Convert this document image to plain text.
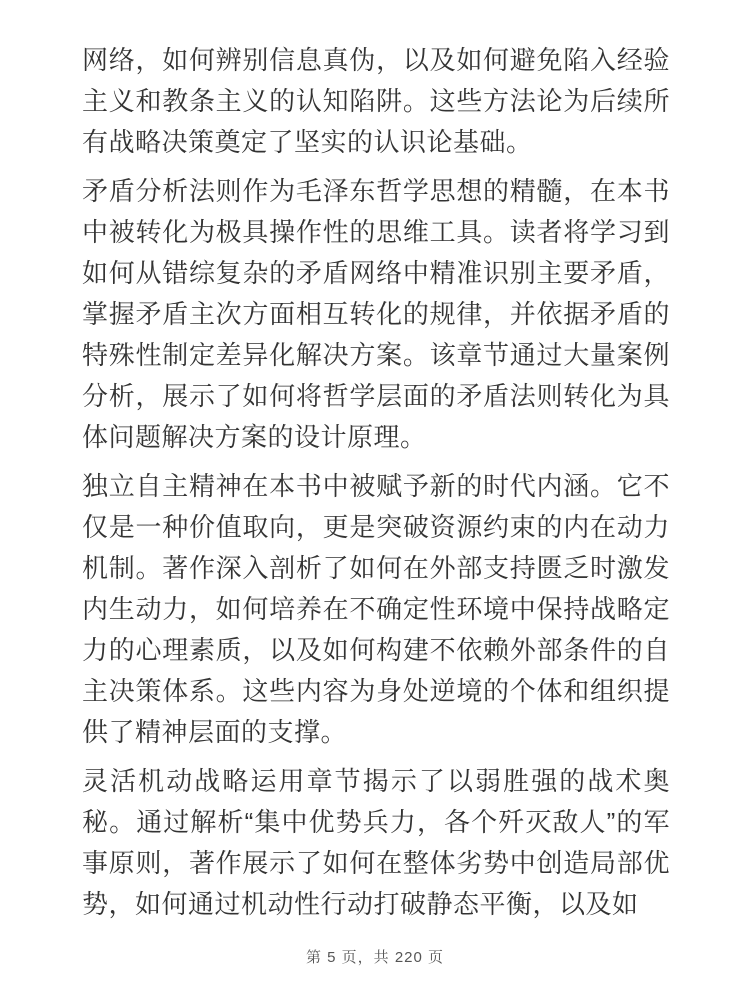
网络，如何辨别信息真伪，以及如何避免陷入经验主义和教条主义的认知陷阱。这些方法论为后续所有战略决策奠定了坚实的认识论基础。

矛盾分析法则作为毛泽东哲学思想的精髓，在本书中被转化为极具操作性的思维工具。读者将学习到如何从错综复杂的矛盾网络中精准识别主要矛盾，掌握矛盾主次方面相互转化的规律，并依据矛盾的特殊性制定差异化解决方案。该章节通过大量案例分析，展示了如何将哲学层面的矛盾法则转化为具体问题解决方案的设计原理。

独立自主精神在本书中被赋予新的时代内涵。它不仅是一种价值取向，更是突破资源约束的内在动力机制。著作深入剖析了如何在外部支持匮乏时激发内生动力，如何培养在不确定性环境中保持战略定力的心理素质，以及如何构建不依赖外部条件的自主决策体系。这些内容为身处逆境的个体和组织提供了精神层面的支撑。

灵活机动战略运用章节揭示了以弱胜强的战术奥秘。通过解析“集中优势兵力，各个歼灭敌人”的军事原则，著作展示了如何在整体劣势中创造局部优势，如何通过机动性行动打破静态平衡，以及如

第 5 页，共 220 页
